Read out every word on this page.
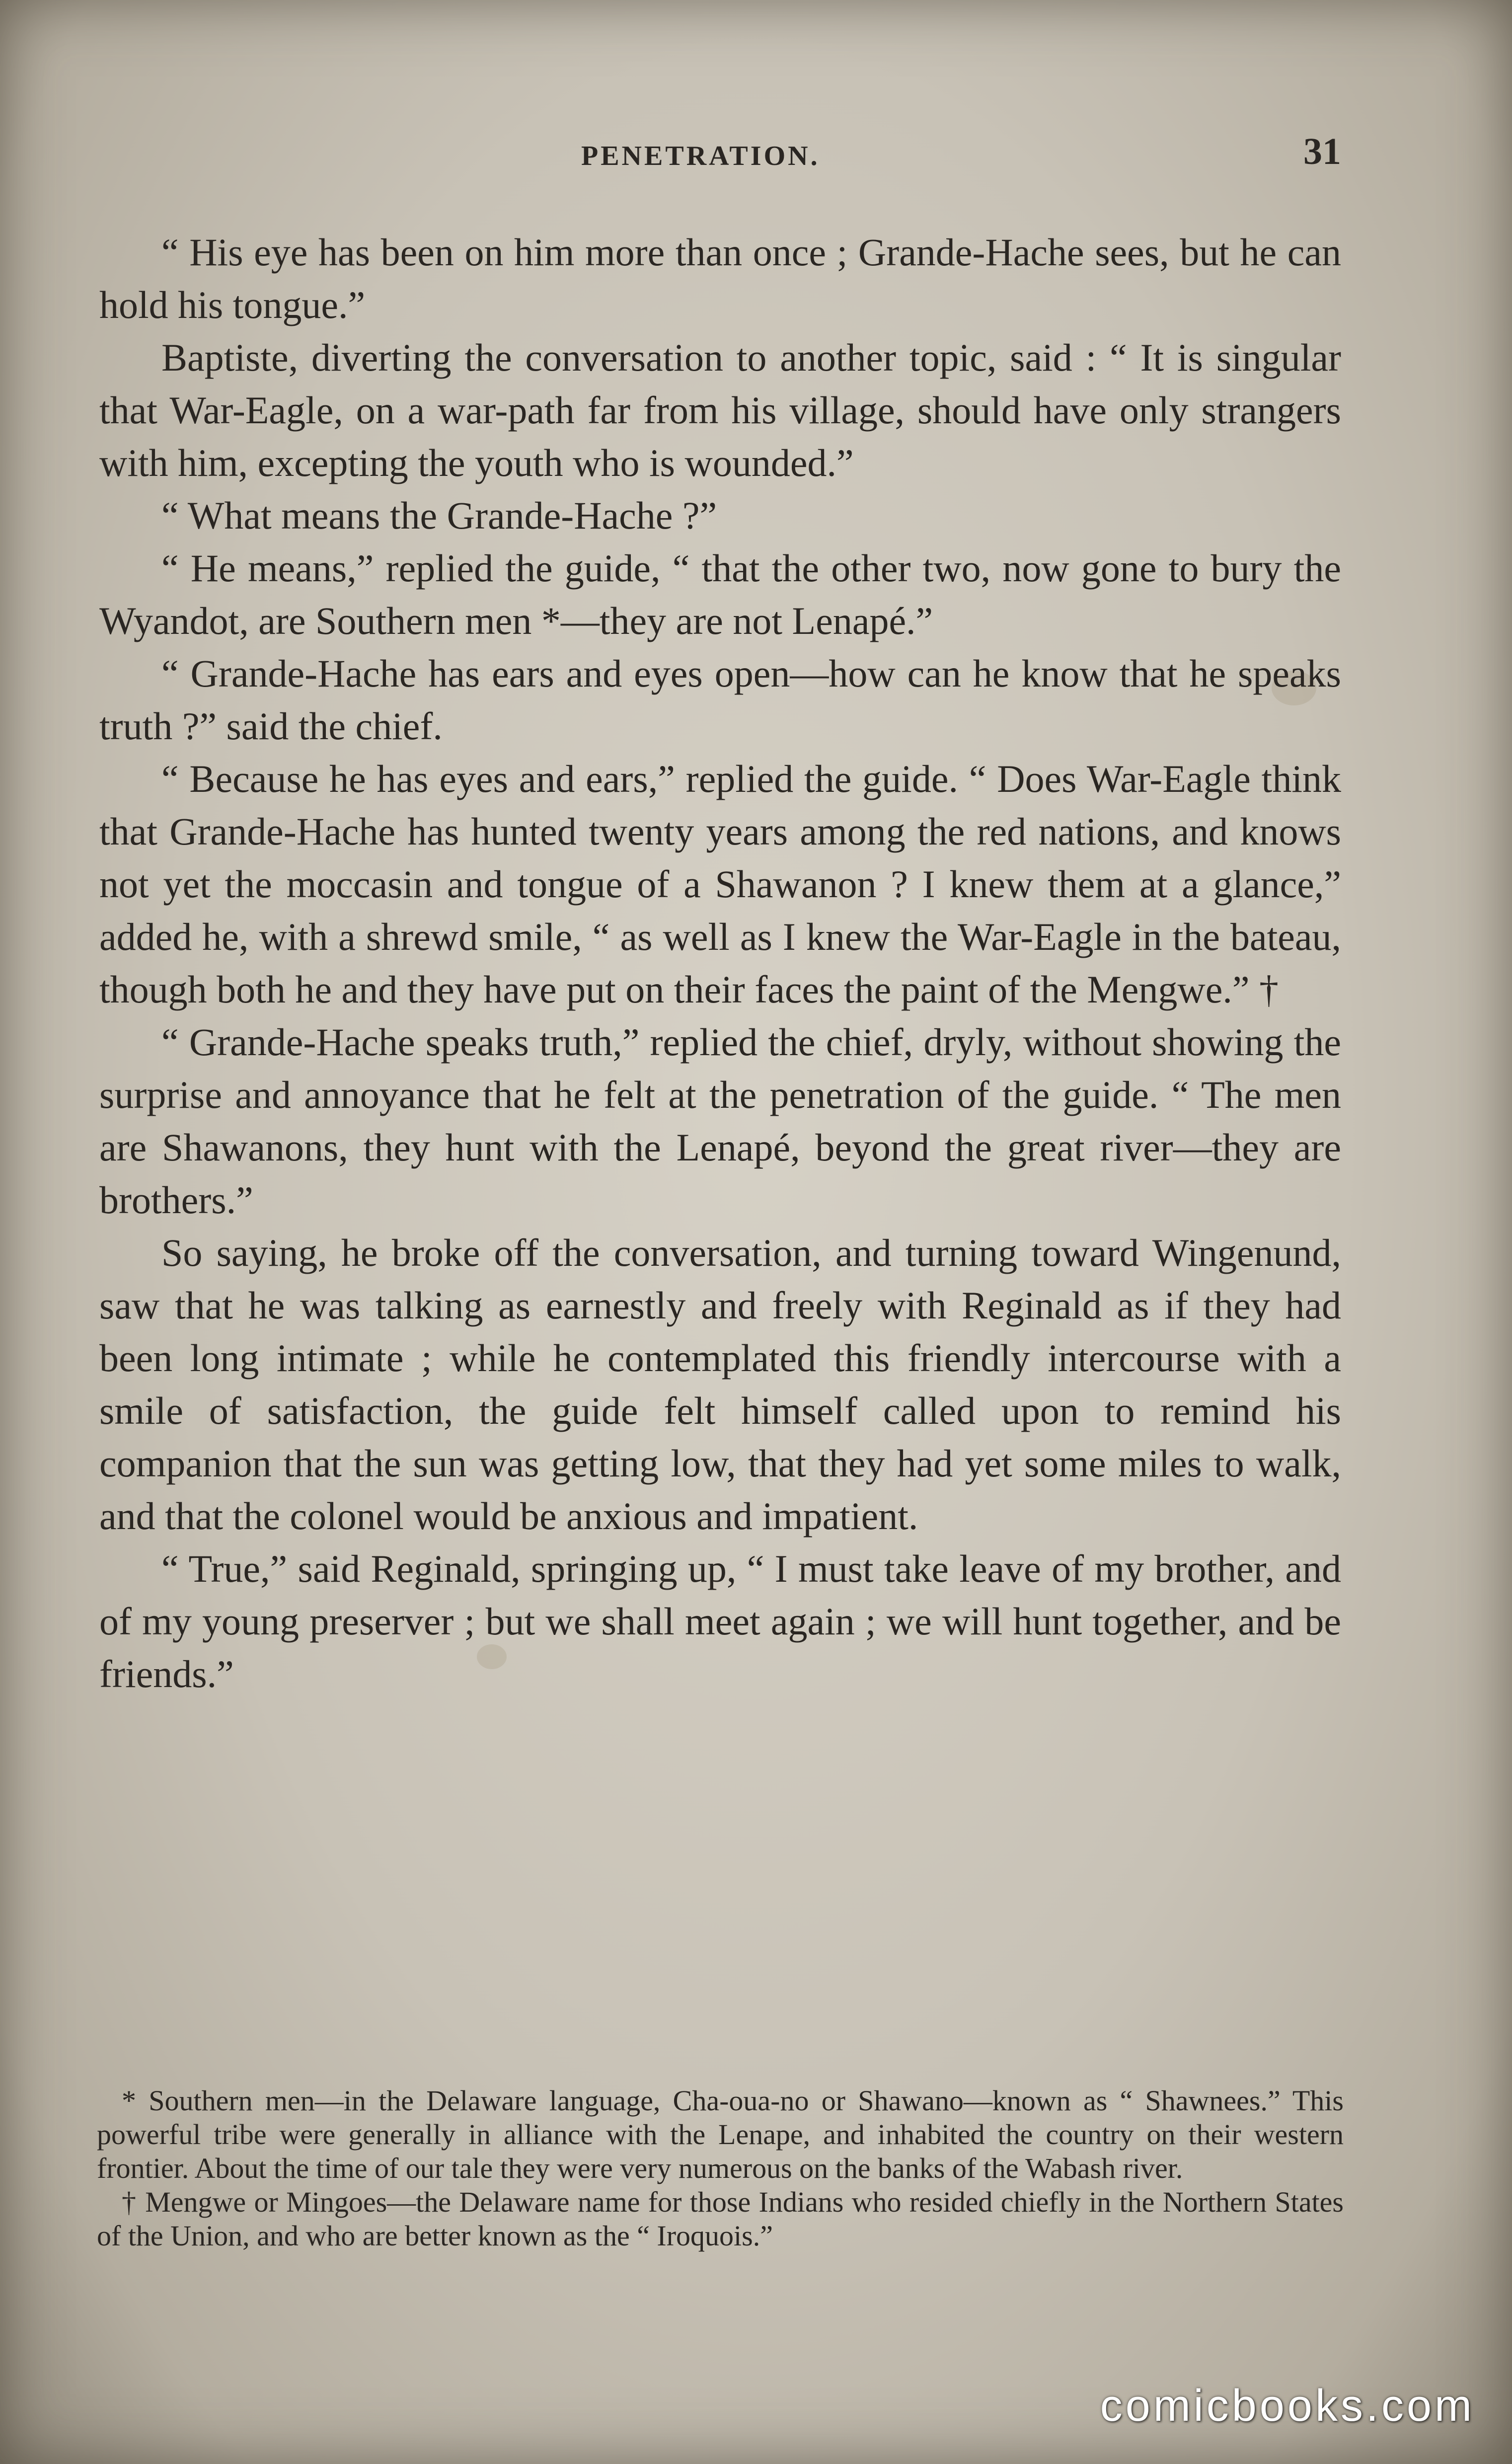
PENETRATION.	31

“ His eye has been on him more than once ; Grande-Hache sees, but he can hold his tongue.”

Baptiste, diverting the conversation to another topic, said : “ It is singular that War-Eagle, on a war-path far from his village, should have only strangers with him, excepting the youth who is wounded.”

“ What means the Grande-Hache ?”

“ He means,” replied the guide, “ that the other two, now gone to bury the Wyandot, are Southern men *—they are not Lenapé.”

“ Grande-Hache has ears and eyes open—how can he know that he speaks truth ?” said the chief.

“ Because he has eyes and ears,” replied the guide. “ Does War-Eagle think that Grande-Hache has hunted twenty years among the red nations, and knows not yet the moccasin and tongue of a Shawanon ? I knew them at a glance,” added he, with a shrewd smile, “ as well as I knew the War-Eagle in the bateau, though both he and they have put on their faces the paint of the Mengwe.” †

“ Grande-Hache speaks truth,” replied the chief, dryly, without showing the surprise and annoyance that he felt at the penetration of the guide. “ The men are Shawanons, they hunt with the Lenapé, beyond the great river—they are brothers.”

So saying, he broke off the conversation, and turning toward Wingenund, saw that he was talking as earnestly and freely with Reginald as if they had been long intimate ; while he contemplated this friendly intercourse with a smile of satisfaction, the guide felt himself called upon to remind his companion that the sun was getting low, that they had yet some miles to walk, and that the colonel would be anxious and impatient.

“ True,” said Reginald, springing up, “ I must take leave of my brother, and of my young preserver ; but we shall meet again ; we will hunt together, and be friends.”

* Southern men—in the Delaware language, Cha-oua-no or Shawano—known as “ Shawnees.” This powerful tribe were generally in alliance with the Lenape, and inhabited the country on their western frontier. About the time of our tale they were very numerous on the banks of the Wabash river.

† Mengwe or Mingoes—the Delaware name for those Indians who resided chiefly in the Northern States of the Union, and who are better known as the “ Iroquois.”

comicbooks.com
